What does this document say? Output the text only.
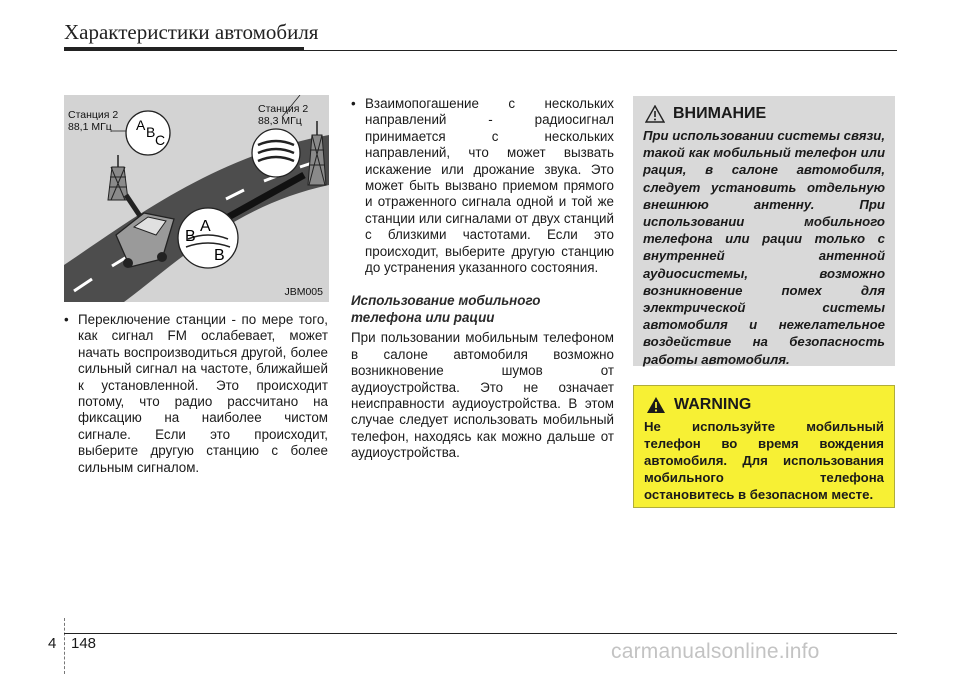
Характеристики автомобиля
A B C
A
B
B
Станция 2
88,1 МГц
Станция 2
88,3 МГц
JBM005
• Переключение станции - по мере того, как сигнал FM ослабевает, может начать воспроизводиться другой, более сильный сигнал на частоте, ближайшей к установленной. Это происходит потому, что радио рассчитано на фиксацию на наиболее чистом сигнале. Если это происходит, выберите другую станцию с более сильным сигналом.
• Взаимопогашение с нескольких направлений - радиосигнал принимается с нескольких направлений, что может вызвать искажение или дрожание звука. Это может быть вызвано приемом прямого и отраженного сигнала одной и той же станции или сигналами от двух станций с близкими частотами. Если это происходит, выберите другую станцию до устранения указанного состояния.
Использование мобильного
телефона или рации
При пользовании мобильным телефоном в салоне автомобиля возможно возникновение шумов от аудиоустройства. Это не означает неисправности аудиоустройства. В этом случае следует использовать мобильный телефон, находясь как можно дальше от аудиоустройства.
ВНИМАНИЕ
При использовании системы связи, такой как мобильный телефон или рация, в салоне автомобиля, следует установить отдельную внешнюю антенну. При использовании мобильного телефона или рации только с внутренней антенной аудиосистемы, возможно возникновение помех для электрической системы автомобиля и нежелательное воздействие на безопасность работы автомобиля.
WARNING
Не используйте мобильный телефон во время вождения автомобиля. Для использования мобильного телефона остановитесь в безопасном месте.
4 148	carmanualsonline.info
